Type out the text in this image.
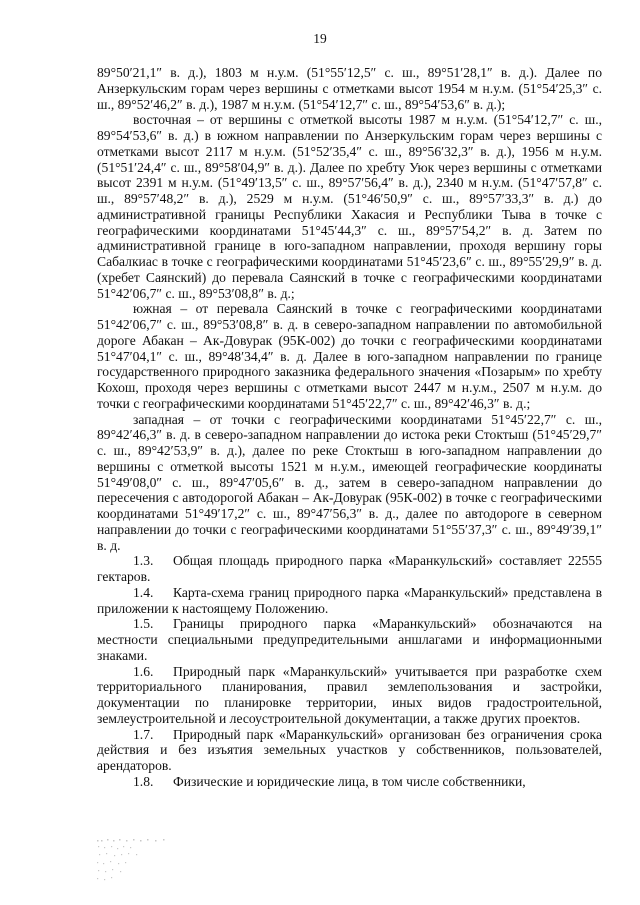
19

89°50′21,1″ в. д.), 1803 м н.у.м. (51°55′12,5″ с. ш., 89°51′28,1″ в. д.). Далее по Анзеркульским горам через вершины с отметками высот 1954 м н.у.м. (51°54′25,3″ с. ш., 89°52′46,2″ в. д.), 1987 м н.у.м. (51°54′12,7″ с. ш., 89°54′53,6″ в. д.);

восточная – от вершины с отметкой высоты 1987 м н.у.м. (51°54′12,7″ с. ш., 89°54′53,6″ в. д.) в южном направлении по Анзеркульским горам через вершины с отметками высот 2117 м н.у.м. (51°52′35,4″ с. ш., 89°56′32,3″ в. д.), 1956 м н.у.м. (51°51′24,4″ с. ш., 89°58′04,9″ в. д.). Далее по хребту Уюк через вершины с отметками высот 2391 м н.у.м. (51°49′13,5″ с. ш., 89°57′56,4″ в. д.), 2340 м н.у.м. (51°47′57,8″ с. ш., 89°57′48,2″ в. д.), 2529 м н.у.м. (51°46′50,9″ с. ш., 89°57′33,3″ в. д.) до административной границы Республики Хакасия и Республики Тыва в точке с географическими координатами 51°45′44,3″ с. ш., 89°57′54,2″ в. д. Затем по административной границе в юго-западном направлении, проходя вершину горы Сабалкиас в точке с географическими координатами 51°45′23,6″ с. ш., 89°55′29,9″ в. д. (хребет Саянский) до перевала Саянский в точке с географическими координатами 51°42′06,7″ с. ш., 89°53′08,8″ в. д.;

южная – от перевала Саянский в точке с географическими координатами 51°42′06,7″ с. ш., 89°53′08,8″ в. д. в северо-западном направлении по автомобильной дороге Абакан – Ак-Довурак (95К-002) до точки с географическими координатами 51°47′04,1″ с. ш., 89°48′34,4″ в. д. Далее в юго-западном направлении по границе государственного природного заказника федерального значения «Позарым» по хребту Кохош, проходя через вершины с отметками высот 2447 м н.у.м., 2507 м н.у.м. до точки с географическими координатами 51°45′22,7″ с. ш., 89°42′46,3″ в. д.;

западная – от точки с географическими координатами 51°45′22,7″ с. ш., 89°42′46,3″ в. д. в северо-западном направлении до истока реки Стоктыш (51°45′29,7″ с. ш., 89°42′53,9″ в. д.), далее по реке Стоктыш в юго-западном направлении до вершины с отметкой высоты 1521 м н.у.м., имеющей географические координаты 51°49′08,0″ с. ш., 89°47′05,6″ в. д., затем в северо-западном направлении до пересечения с автодорогой Абакан – Ак-Довурак (95К-002) в точке с географическими координатами 51°49′17,2″ с. ш., 89°47′56,3″ в. д., далее по автодороге в северном направлении до точки с географическими координатами 51°55′37,3″ с. ш., 89°49′39,1″ в. д.

1.3. Общая площадь природного парка «Маранкульский» составляет 22555 гектаров.

1.4. Карта-схема границ природного парка «Маранкульский» представлена в приложении к настоящему Положению.

1.5. Границы природного парка «Маранкульский» обозначаются на местности специальными предупредительными аншлагами и информационными знаками.

1.6. Природный парк «Маранкульский» учитывается при разработке схем территориального планирования, правил землепользования и застройки, документации по планировке территории, иных видов градостроительной, землеустроительной и лесоустроительной документации, а также других проектов.

1.7. Природный парк «Маранкульский» организован без ограничения срока действия и без изъятия земельных участков у собственников, пользователей, арендаторов.

1.8. Физические и юридические лица, в том числе собственники,
